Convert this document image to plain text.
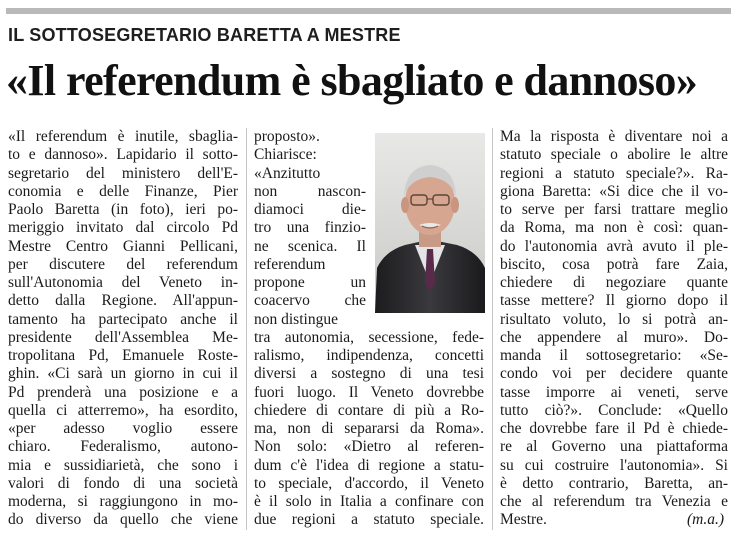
IL SOTTOSEGRETARIO BARETTA A MESTRE
«Il referendum è sbagliato e dannoso»
«Il referendum è inutile, sbaglia-
to e dannoso». Lapidario il sotto-
segretario del ministero dell'E-
conomia e delle Finanze, Pier
Paolo Baretta (in foto), ieri po-
meriggio invitato dal circolo Pd
Mestre Centro Gianni Pellicani,
per discutere del referendum
sull'Autonomia del Veneto in-
detto dalla Regione. All'appun-
tamento ha partecipato anche il
presidente dell'Assemblea Me-
tropolitana Pd, Emanuele Roste-
ghin. «Ci sarà un giorno in cui il
Pd prenderà una posizione e a
quella ci atterremo», ha esordito,
«per adesso voglio essere
chiaro. Federalismo, autono-
mia e sussidiarietà, che sono i
valori di fondo di una società
moderna, si raggiungono in mo-
do diverso da quello che viene
proposto».
Chiarisce:
«Anzitutto
non nascon-
diamoci die-
tro una finzio-
ne scenica. Il
referendum
propone un
coacervo che
non distingue
tra autonomia, secessione, fede-
ralismo, indipendenza, concetti
diversi a sostegno di una tesi
fuori luogo. Il Veneto dovrebbe
chiedere di contare di più a Ro-
ma, non di separarsi da Roma».
Non solo: «Dietro al referen-
dum c'è l'idea di regione a statu-
to speciale, d'accordo, il Veneto
è il solo in Italia a confinare con
due regioni a statuto speciale.
Ma la risposta è diventare noi a
statuto speciale o abolire le altre
regioni a statuto speciale?». Ra-
giona Baretta: «Si dice che il vo-
to serve per farsi trattare meglio
da Roma, ma non è così: quan-
do l'autonomia avrà avuto il ple-
biscito, cosa potrà fare Zaia,
chiedere di negoziare quante
tasse mettere? Il giorno dopo il
risultato voluto, lo si potrà an-
che appendere al muro». Do-
manda il sottosegretario: «Se-
condo voi per decidere quante
tasse imporre ai veneti, serve
tutto ciò?». Conclude: «Quello
che dovrebbe fare il Pd è chiede-
re al Governo una piattaforma
su cui costruire l'autonomia». Si
è detto contrario, Baretta, an-
che al referendum tra Venezia e
Mestre.	(m.a.)
